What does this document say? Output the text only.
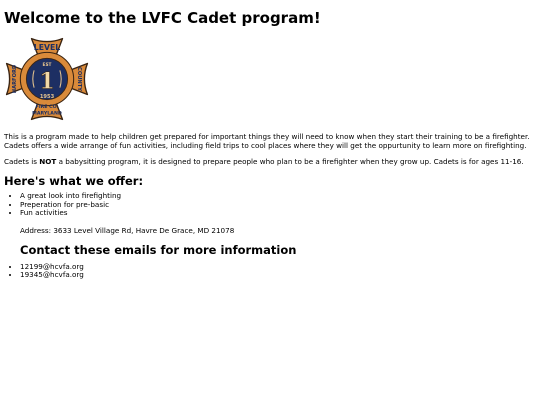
Welcome to the LVFC Cadet program!
LEVEL
EST
1
1953
HARFORD	COUNTY
FIRE CO.
MARYLAND

This is a program made to help children get prepared for important things they will need to know when they start their training to be a firefighter. Cadets offers a wide arrange of fun activities, including field trips to cool places where they will get the oppurtunity to learn more on firefighting.

Cadets is NOT a babysitting program, it is designed to prepare people who plan to be a firefighter when they grow up. Cadets is for ages 11-16.

Here's what we offer:
• A great look into firefighting
• Preperation for pre-basic
• Fun activities
Address: 3633 Level Village Rd, Havre De Grace, MD 21078
Contact these emails for more information
• 12199@hcvfa.org
• 19345@hcvfa.org
